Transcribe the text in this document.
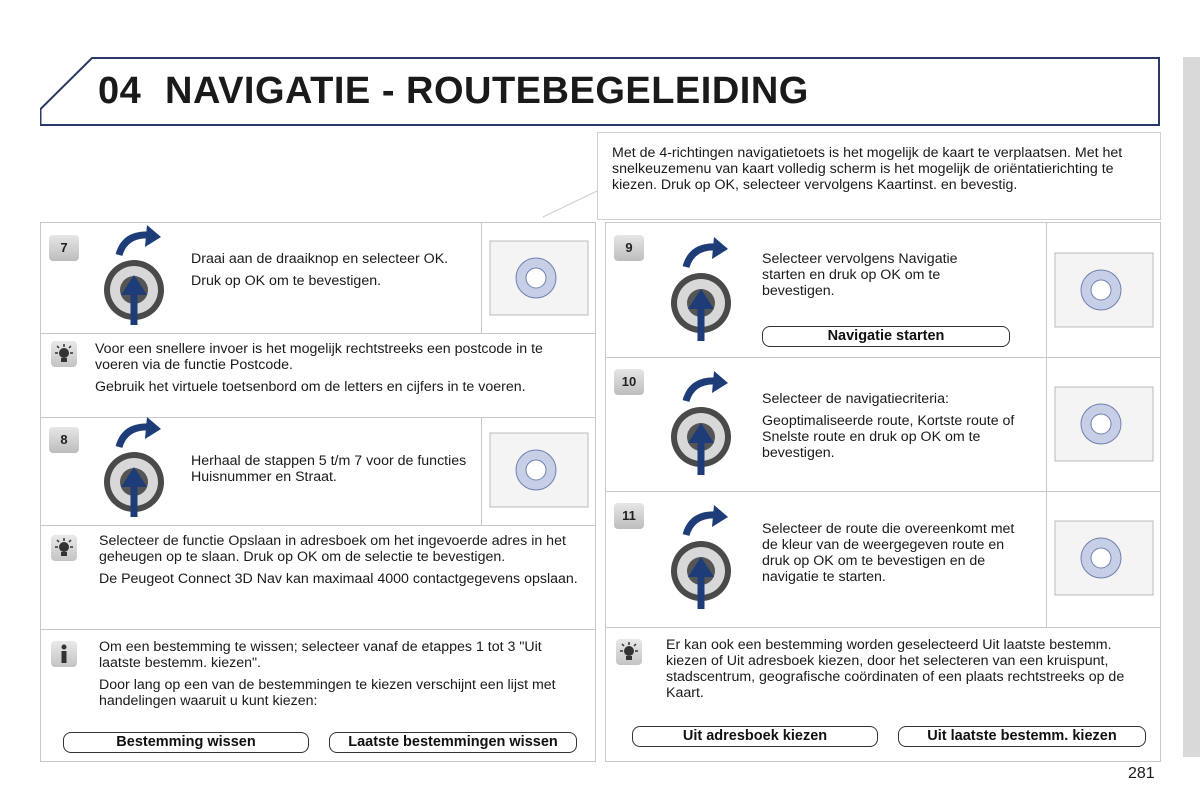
04 NAVIGATIE - ROUTEBEGELEIDING
Met de 4-richtingen navigatietoets is het mogelijk de kaart te verplaatsen. Met het snelkeuzemenu van kaart volledig scherm is het mogelijk de oriëntatierichting te kiezen. Druk op OK, selecteer vervolgens Kaartinst. en bevestig.
7

Draai aan de draaiknop en selecteer OK.

Druk op OK om te bevestigen.

Voor een snellere invoer is het mogelijk rechtstreeks een postcode in te voeren via de functie Postcode.

Gebruik het virtuele toetsenbord om de letters en cijfers in te voeren.

8

Herhaal de stappen 5 t/m 7 voor de functies Huisnummer en Straat.

Selecteer de functie Opslaan in adresboek om het ingevoerde adres in het geheugen op te slaan. Druk op OK om de selectie te bevestigen.

De Peugeot Connect 3D Nav kan maximaal 4000 contactgegevens opslaan.

Om een bestemming te wissen; selecteer vanaf de etappes 1 tot 3 "Uit laatste bestemm. kiezen".

Door lang op een van de bestemmingen te kiezen verschijnt een lijst met handelingen waaruit u kunt kiezen:

Bestemming wissen	Laatste bestemmingen wissen
9

Selecteer vervolgens Navigatie starten en druk op OK om te bevestigen.

Navigatie starten
10

Selecteer de navigatiecriteria:

Geoptimaliseerde route, Kortste route of Snelste route en druk op OK om te bevestigen.

11

Selecteer de route die overeenkomt met de kleur van de weergegeven route en druk op OK om te bevestigen en de navigatie te starten.

Er kan ook een bestemming worden geselecteerd Uit laatste bestemm. kiezen of Uit adresboek kiezen, door het selecteren van een kruispunt, stadscentrum, geografische coördinaten of een plaats rechtstreeks op de Kaart.

Uit adresboek kiezen	Uit laatste bestemm. kiezen
281
